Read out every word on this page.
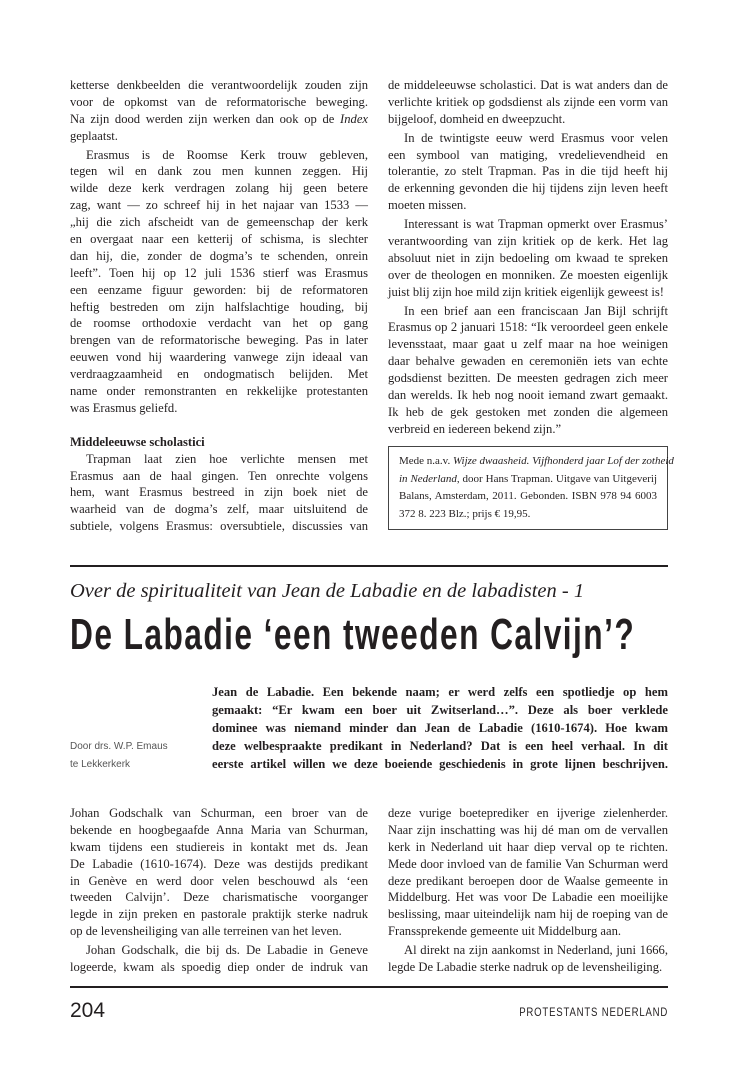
ketterse denkbeelden die verantwoordelijk zouden zijn
voor de opkomst van de reformatorische beweging.
Na zijn dood werden zijn werken dan ook op de Index
geplaatst.
Erasmus is de Roomse Kerk trouw gebleven,
tegen wil en dank zou men kunnen zeggen. Hij
wilde deze kerk verdragen zolang hij geen betere
zag, want — zo schreef hij in het najaar van 1533 —
„hij die zich afscheidt van de gemeenschap der kerk
en overgaat naar een ketterij of schisma, is slechter
dan hij, die, zonder de dogma’s te schenden, onrein
leeft”. Toen hij op 12 juli 1536 stierf was Erasmus
een eenzame figuur geworden: bij de reformatoren
heftig bestreden om zijn halfslachtige houding, bij
de roomse orthodoxie verdacht van het op gang
brengen van de reformatorische beweging. Pas in later
eeuwen vond hij waardering vanwege zijn ideaal van
verdraagzaamheid en ondogmatisch belijden. Met
name onder remonstranten en rekkelijke protestanten
was Erasmus geliefd.
Middeleeuwse scholastici
Trapman laat zien hoe verlichte mensen met
Erasmus aan de haal gingen. Ten onrechte volgens
hem, want Erasmus bestreed in zijn boek niet de
waarheid van de dogma’s zelf, maar uitsluitend de
subtiele, volgens Erasmus: oversubtiele, discussies van
de middeleeuwse scholastici. Dat is wat anders dan de
verlichte kritiek op godsdienst als zijnde een vorm van
bijgeloof, domheid en dweepzucht.
In de twintigste eeuw werd Erasmus voor velen
een symbool van matiging, vredelievendheid en
tolerantie, zo stelt Trapman. Pas in die tijd heeft hij
de erkenning gevonden die hij tijdens zijn leven heeft
moeten missen.
Interessant is wat Trapman opmerkt over Erasmus’
verantwoording van zijn kritiek op de kerk. Het lag
absoluut niet in zijn bedoeling om kwaad te spreken
over de theologen en monniken. Ze moesten eigenlijk
juist blij zijn hoe mild zijn kritiek eigenlijk geweest is!
In een brief aan een franciscaan Jan Bijl schrijft
Erasmus op 2 januari 1518: “Ik veroordeel geen enkele
levensstaat, maar gaat u zelf maar na hoe weinigen
daar behalve gewaden en ceremoniën iets van echte
godsdienst bezitten. De meesten gedragen zich meer
dan werelds. Ik heb nog nooit iemand zwart gemaakt.
Ik heb de gek gestoken met zonden die algemeen
verbreid en iedereen bekend zijn.”
Mede n.a.v. Wijze dwaasheid. Vijfhonderd jaar Lof der zotheid
in Nederland, door Hans Trapman. Uitgave van Uitgeverij
Balans, Amsterdam, 2011. Gebonden. ISBN 978 94 6003
372 8. 223 Blz.; prijs € 19,95.
Over de spiritualiteit van Jean de Labadie en de labadisten - 1
De Labadie ‘een tweeden Calvijn’?
Door drs. W.P. Emaus
te Lekkerkerk
Jean de Labadie. Een bekende naam; er werd zelfs een spotliedje op hem
gemaakt: “Er kwam een boer uit Zwitserland…”. Deze als boer verklede
dominee was niemand minder dan Jean de Labadie (1610-1674). Hoe kwam
deze welbespraakte predikant in Nederland? Dat is een heel verhaal. In dit
eerste artikel willen we deze boeiende geschiedenis in grote lijnen beschrijven.
Johan Godschalk van Schurman, een broer van de
bekende en hoogbegaafde Anna Maria van Schurman,
kwam tijdens een studiereis in kontakt met ds. Jean
De Labadie (1610-1674). Deze was destijds predikant
in Genève en werd door velen beschouwd als ‘een
tweeden Calvijn’. Deze charismatische voorganger
legde in zijn preken en pastorale praktijk sterke nadruk
op de levensheiliging van alle terreinen van het leven.
Johan Godschalk, die bij ds. De Labadie in Geneve
logeerde, kwam als spoedig diep onder de indruk van
deze vurige boeteprediker en ijverige zielenherder.
Naar zijn inschatting was hij dé man om de vervallen
kerk in Nederland uit haar diep verval op te richten.
Mede door invloed van de familie Van Schurman werd
deze predikant beroepen door de Waalse gemeente in
Middelburg. Het was voor De Labadie een moeilijke
beslissing, maar uiteindelijk nam hij de roeping van de
Franssprekende gemeente uit Middelburg aan.
Al direkt na zijn aankomst in Nederland, juni 1666,
legde De Labadie sterke nadruk op de levensheiliging.
204	PROTESTANTS NEDERLAND
